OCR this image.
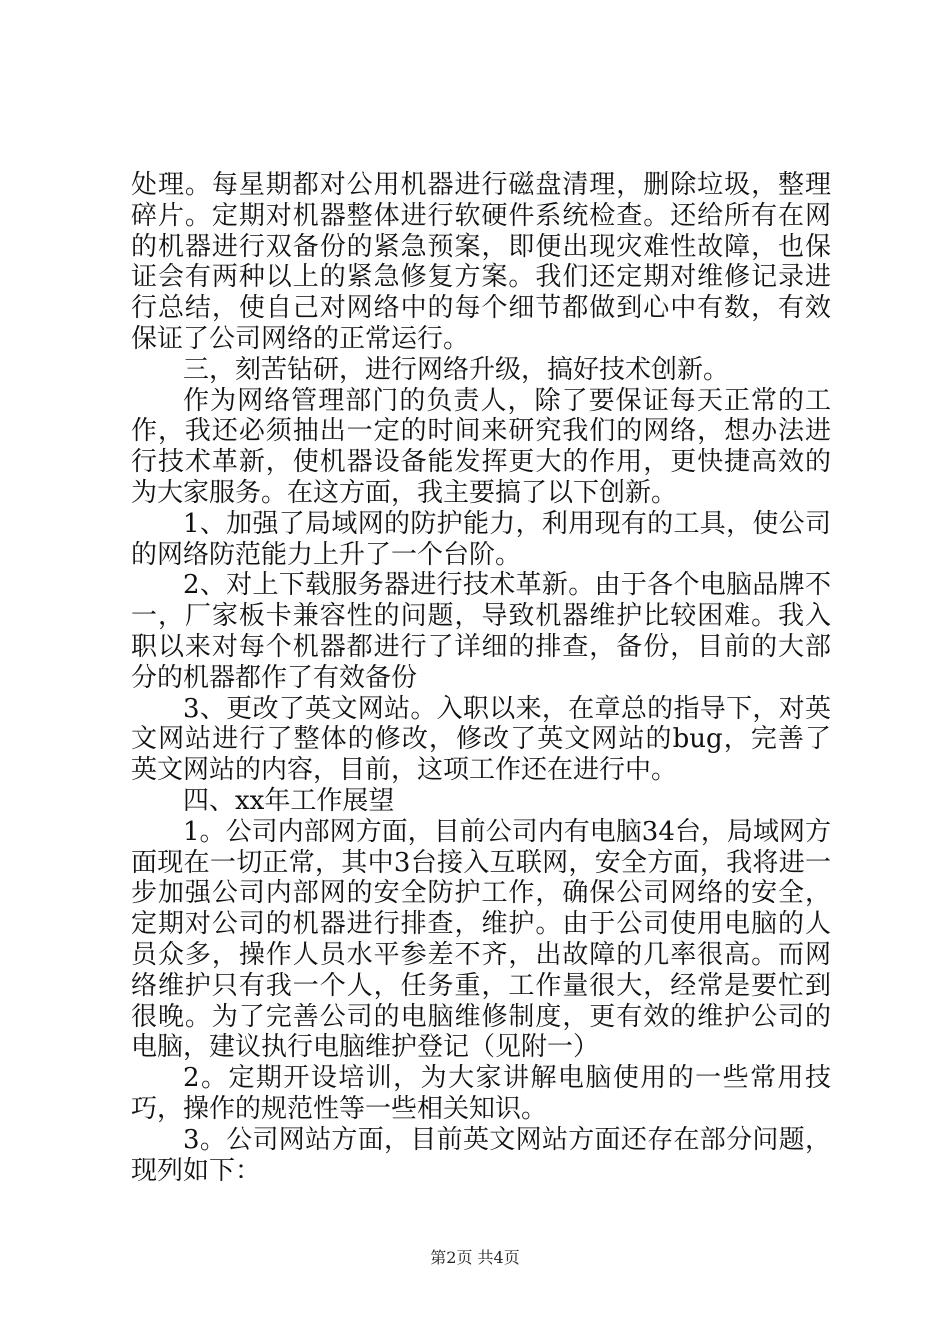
处理。每星期都对公用机器进行磁盘清理，删除垃圾，整理碎片。定期对机器整体进行软硬件系统检查。还给所有在网的机器进行双备份的紧急预案，即便出现灾难性故障，也保证会有两种以上的紧急修复方案。我们还定期对维修记录进行总结，使自己对网络中的每个细节都做到心中有数，有效保证了公司网络的正常运行。

三，刻苦钻研，进行网络升级，搞好技术创新。

作为网络管理部门的负责人，除了要保证每天正常的工作，我还必须抽出一定的时间来研究我们的网络，想办法进行技术革新，使机器设备能发挥更大的作用，更快捷高效的为大家服务。在这方面，我主要搞了以下创新。

1、加强了局域网的防护能力，利用现有的工具，使公司的网络防范能力上升了一个台阶。

2、对上下载服务器进行技术革新。由于各个电脑品牌不一，厂家板卡兼容性的问题，导致机器维护比较困难。我入职以来对每个机器都进行了详细的排查，备份，目前的大部分的机器都作了有效备份

3、更改了英文网站。入职以来，在章总的指导下，对英文网站进行了整体的修改，修改了英文网站的bug，完善了英文网站的内容，目前，这项工作还在进行中。

四、xx年工作展望

1。公司内部网方面，目前公司内有电脑34台，局域网方面现在一切正常，其中3台接入互联网，安全方面，我将进一步加强公司内部网的安全防护工作，确保公司网络的安全，定期对公司的机器进行排查，维护。由于公司使用电脑的人员众多，操作人员水平参差不齐，出故障的几率很高。而网络维护只有我一个人，任务重，工作量很大，经常是要忙到很晚。为了完善公司的电脑维修制度，更有效的维护公司的电脑，建议执行电脑维护登记（见附一）

2。定期开设培训，为大家讲解电脑使用的一些常用技巧，操作的规范性等一些相关知识。

3。公司网站方面，目前英文网站方面还存在部分问题，现列如下：

第2页 共4页
